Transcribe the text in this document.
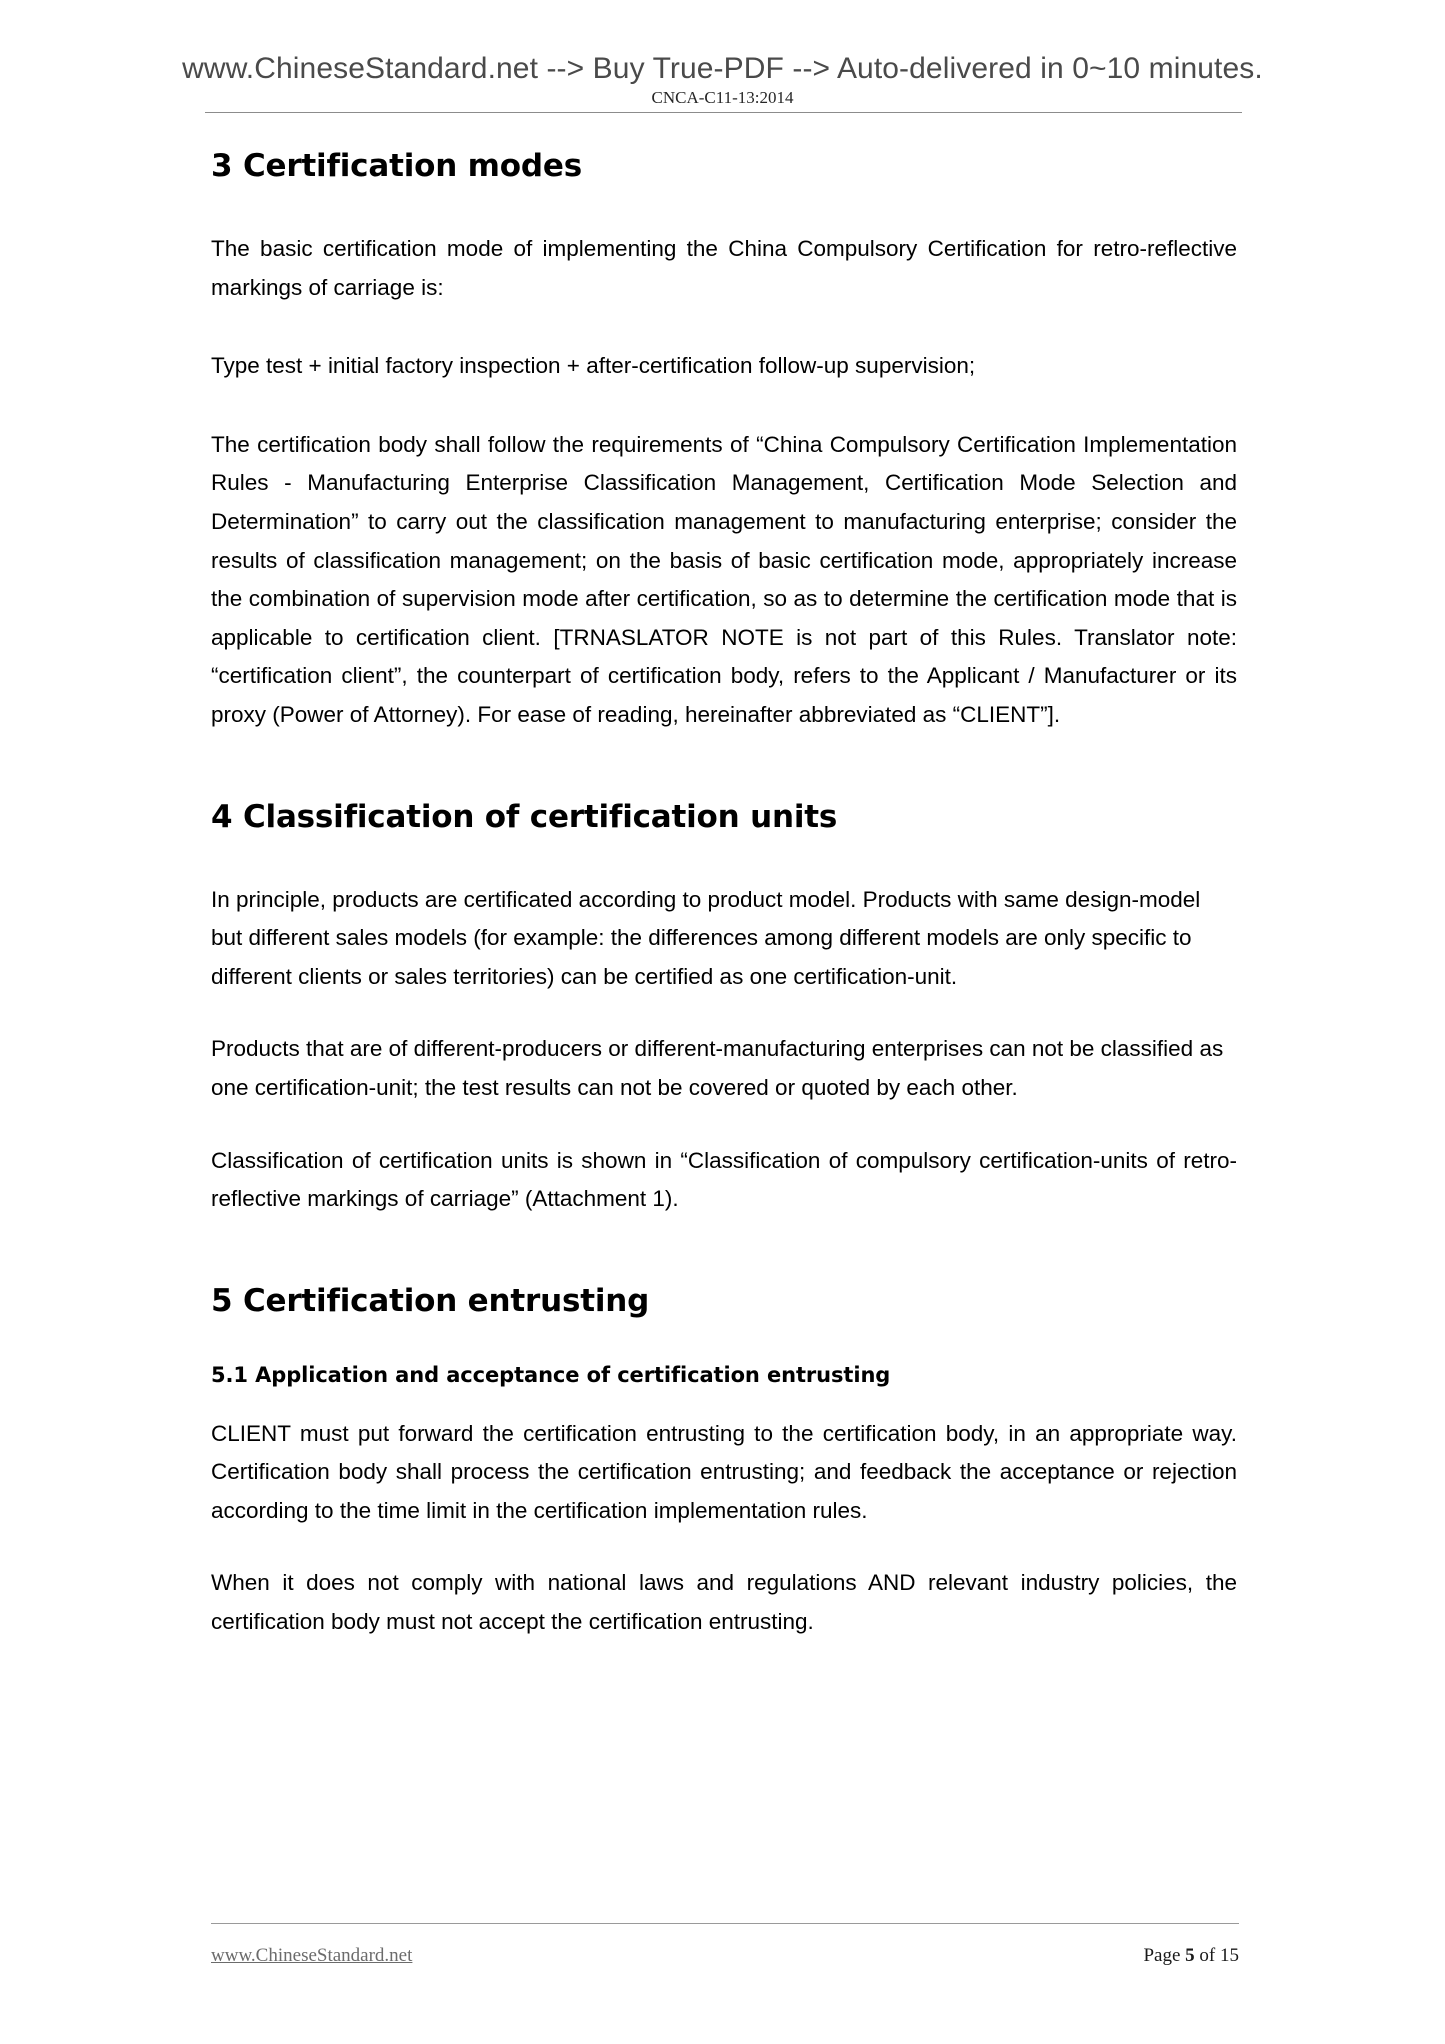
www.ChineseStandard.net --> Buy True-PDF --> Auto-delivered in 0~10 minutes.
CNCA-C11-13:2014
3 Certification modes

The basic certification mode of implementing the China Compulsory Certification for retro-reflective markings of carriage is:

Type test + initial factory inspection + after-certification follow-up supervision;

The certification body shall follow the requirements of “China Compulsory Certification Implementation Rules - Manufacturing Enterprise Classification Management, Certification Mode Selection and Determination” to carry out the classification management to manufacturing enterprise; consider the results of classification management; on the basis of basic certification mode, appropriately increase the combination of supervision mode after certification, so as to determine the certification mode that is applicable to certification client. [TRNASLATOR NOTE is not part of this Rules. Translator note: “certification client”, the counterpart of certification body, refers to the Applicant / Manufacturer or its proxy (Power of Attorney). For ease of reading, hereinafter abbreviated as “CLIENT”].

4 Classification of certification units

In principle, products are certificated according to product model. Products with same design-model but different sales models (for example: the differences among different models are only specific to different clients or sales territories) can be certified as one certification-unit.

Products that are of different-producers or different-manufacturing enterprises can not be classified as one certification-unit; the test results can not be covered or quoted by each other.

Classification of certification units is shown in “Classification of compulsory certification-units of retro-reflective markings of carriage” (Attachment 1).

5 Certification entrusting
5.1 Application and acceptance of certification entrusting

CLIENT must put forward the certification entrusting to the certification body, in an appropriate way. Certification body shall process the certification entrusting; and feedback the acceptance or rejection according to the time limit in the certification implementation rules.

When it does not comply with national laws and regulations AND relevant industry policies, the certification body must not accept the certification entrusting.

www.ChineseStandard.net	Page 5 of 15
